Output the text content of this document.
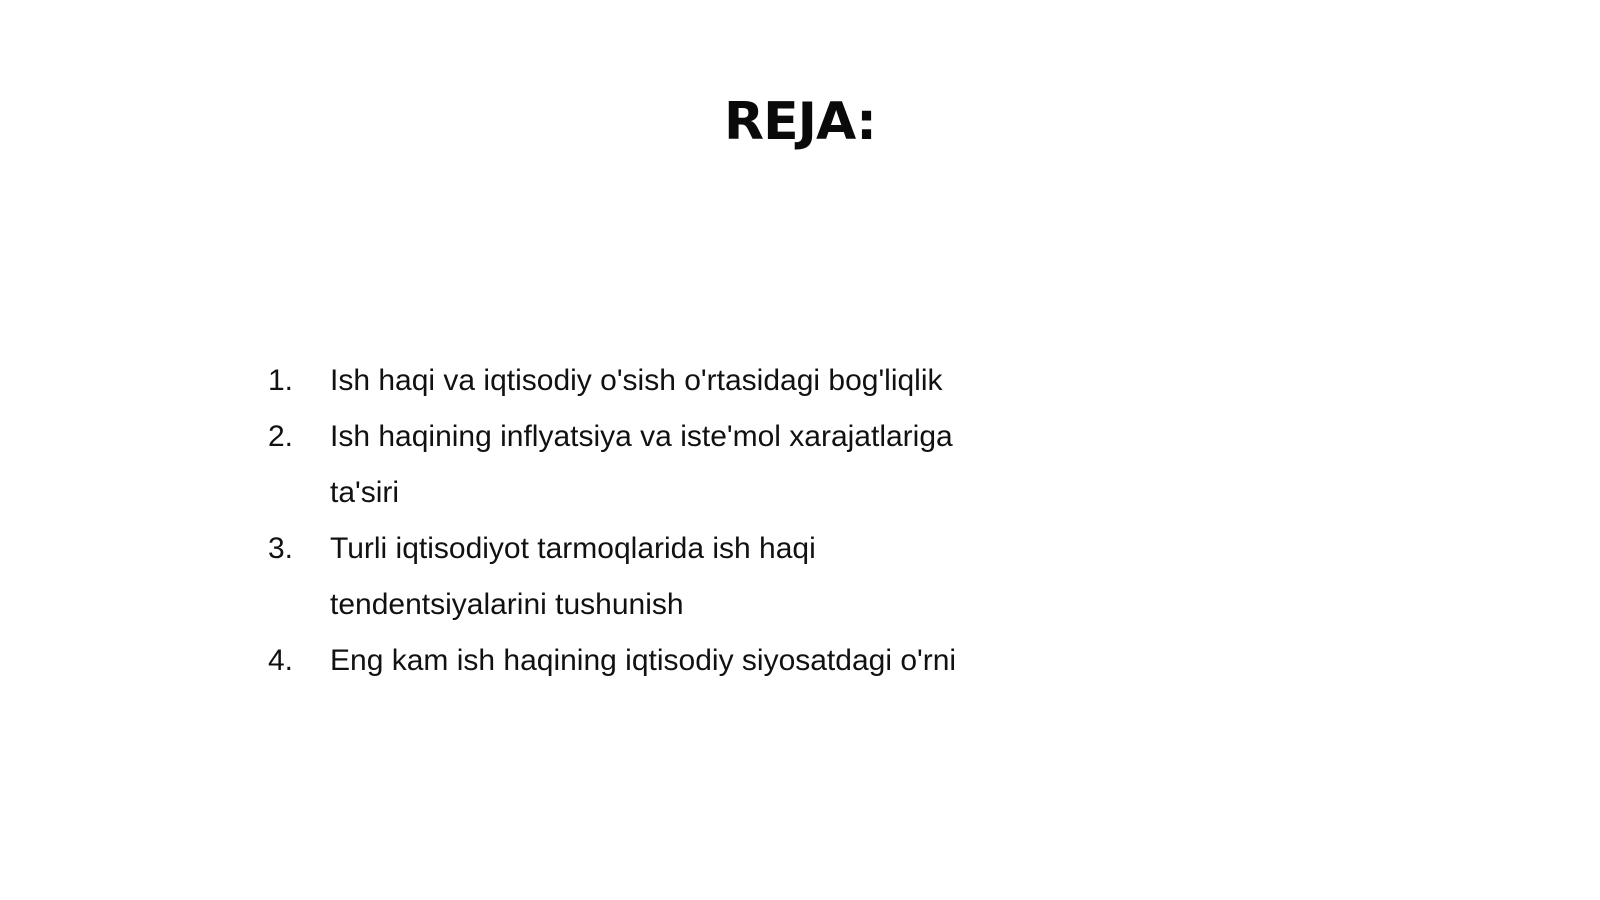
REJA:
1.	Ish haqi va iqtisodiy o'sish o'rtasidagi bog'liqlik
2.	Ish haqining inflyatsiya va iste'mol xarajatlariga ta'siri
3.	Turli iqtisodiyot tarmoqlarida ish haqi tendentsiyalarini tushunish
4.	Eng kam ish haqining iqtisodiy siyosatdagi o'rni
